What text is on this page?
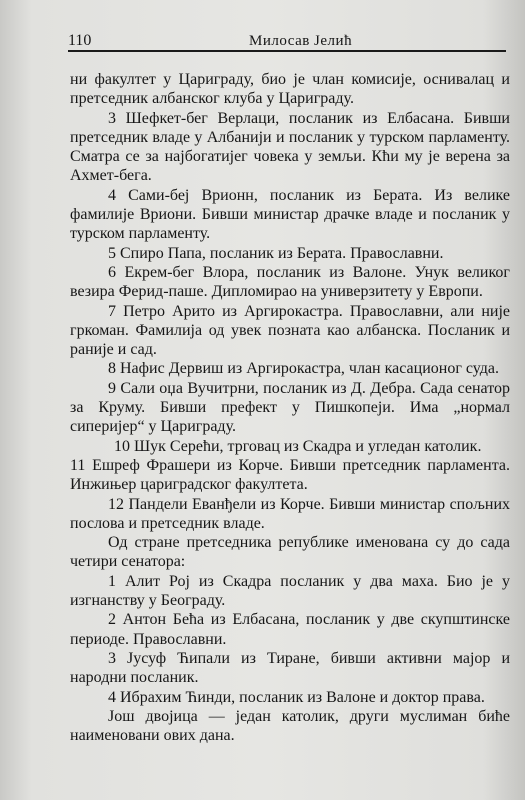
110	Милосав Јелић

ни факултет у Цариграду, био је члан комисије, оснивалац и претседник албанског клуба у Цариграду.

3 Шефкет-бег Верлаци, посланик из Елбасана. Бивши претседник владе у Албанији и посланик у турском парламенту. Сматра се за најбогатијег човека у земљи. Кћи му је верена за Ахмет-бега.

4 Сами-беј Врионн, посланик из Берата. Из велике фамилије Вриони. Бивши министар драчке владе и посланик у турском парламенту.

5 Спиро Папа, посланик из Берата. Православни.

6 Екрем-бег Влора, посланик из Валоне. Унук великог везира Ферид-паше. Дипломирао на универзитету у Европи.

7 Петро Арито из Аргирокастра. Православни, али није гркоман. Фамилија од увек позната као албанска. Посланик и раније и сад.

8 Нафис Дервиш из Аргирокастра, члан касационог суда.

9 Сали оџа Вучитрни, посланик из Д. Дебра. Сада сенатор за Круму. Бивши префект у Пишкопеји. Има „нормал сиперијер“ у Цариграду.

10 Шук Серећи, трговац из Скадра и угледан католик.

11 Ешреф Фрашери из Корче. Бивши претседник парламента. Инжињер цариградског факултета.

12 Пандели Еванђели из Корче. Бивши министар спољних послова и претседник владе.

Од стране претседника републике именована су до сада четири сенатора:

1 Алит Рој из Скадра посланик у два маха. Био је у изгнанству у Београду.

2 Антон Бећа из Елбасана, посланик у две скупштинске периоде. Православни.

3 Јусуф Ћипали из Тиране, бивши активни мајор и народни посланик.

4 Ибрахим Ћинди, посланик из Валоне и доктор права.

Још двојица — један католик, други муслиман биће наименовани ових дана.
